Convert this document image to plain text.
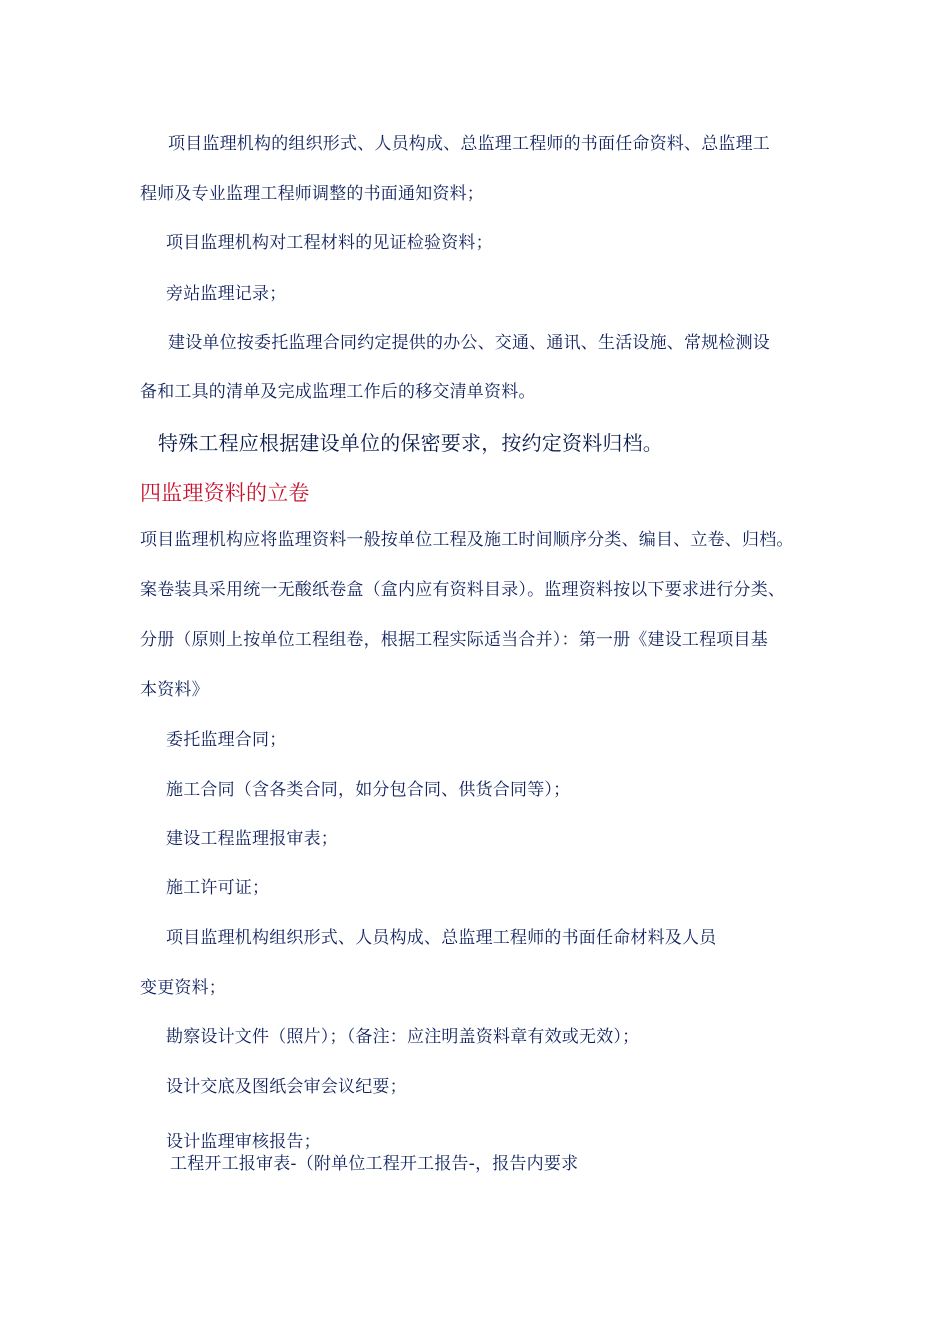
项目监理机构的组织形式、人员构成、总监理工程师的书面任命资料、总监理工
程师及专业监理工程师调整的书面通知资料；
项目监理机构对工程材料的见证检验资料；
旁站监理记录；
建设单位按委托监理合同约定提供的办公、交通、通讯、生活设施、常规检测设
备和工具的清单及完成监理工作后的移交清单资料。
特殊工程应根据建设单位的保密要求，按约定资料归档。
四监理资料的立卷
项目监理机构应将监理资料一般按单位工程及施工时间顺序分类、编目、立卷、归档。
案卷装具采用统一无酸纸卷盒（盒内应有资料目录）。监理资料按以下要求进行分类、
分册（原则上按单位工程组卷，根据工程实际适当合并）：第一册《建设工程项目基
本资料》
委托监理合同；
施工合同（含各类合同，如分包合同、供货合同等）；
建设工程监理报审表；
施工许可证；
项目监理机构组织形式、人员构成、总监理工程师的书面任命材料及人员
变更资料；
勘察设计文件（照片）；（备注：应注明盖资料章有效或无效）；
设计交底及图纸会审会议纪要；
设计监理审核报告；
工程开工报审表-（附单位工程开工报告-，报告内要求
